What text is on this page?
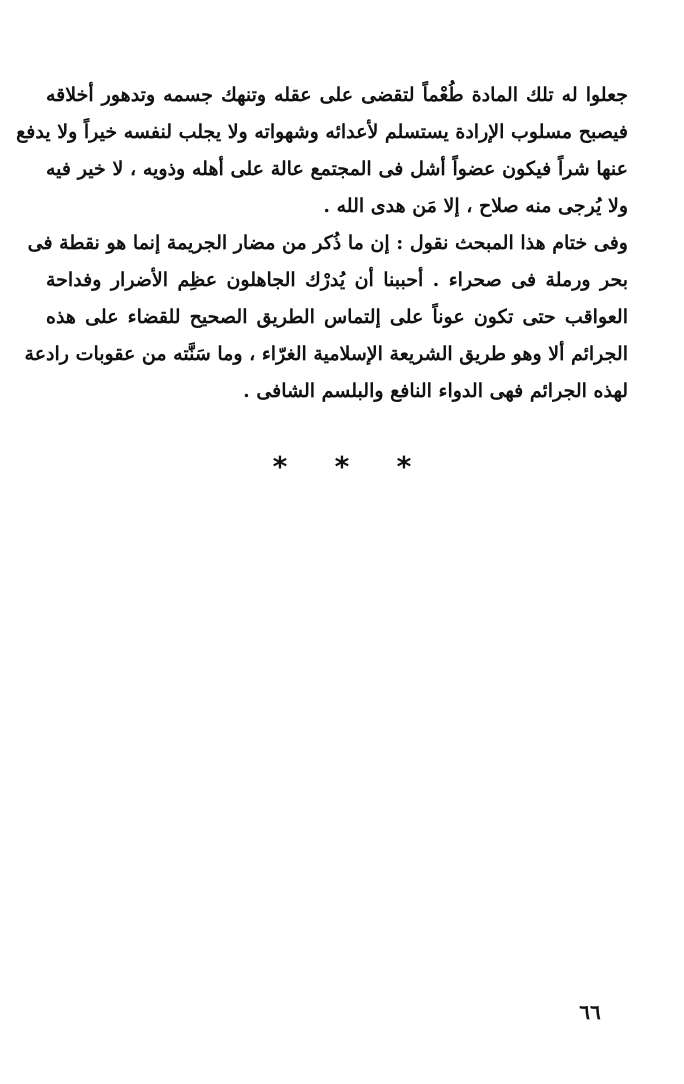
جعلوا له تلك المادة طُعْماً لتقضى على عقله وتنهك جسمه وتدهور أخلاقه
فيصبح مسلوب الإرادة يستسلم لأعدائه وشهواته ولا يجلب لنفسه خيراً ولا يدفع
عنها شراً فيكون عضواً أشل فى المجتمع عالة على أهله وذويه ، لا خير فيه
ولا يُرجى منه صلاح ، إلا مَن هدى الله .
وفى ختام هذا المبحث نقول : إن ما ذُكر من مضار الجريمة إنما هو نقطة فى
بحر ورملة فى صحراء . أحببنا أن يُدرْك الجاهلون عظِم الأضرار وفداحة
العواقب حتى تكون عوناً على إلتماس الطريق الصحيح للقضاء على هذه
الجرائم ألا وهو طريق الشريعة الإسلامية الغرّاء ، وما سَنَّته من عقوبات رادعة
لهذه الجرائم فهى الدواء النافع والبلسم الشافى .
* * *
٦٦
